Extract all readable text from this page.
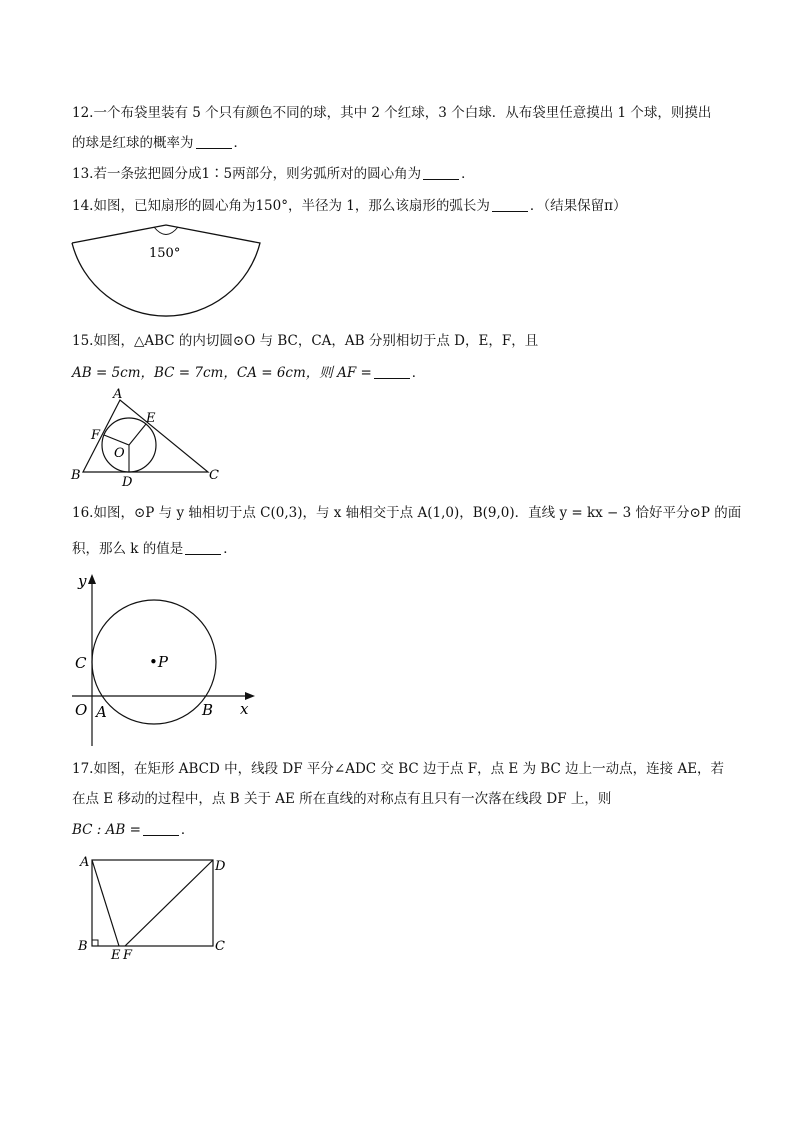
12.一个布袋里装有 5 个只有颜色不同的球，其中 2 个红球，3 个白球．从布袋里任意摸出 1 个球，则摸出
的球是红球的概率为	．
13.若一条弦把圆分成1∶5两部分，则劣弧所对的圆心角为	．
14.如图，已知扇形的圆心角为150°，半径为 1，那么该扇形的弧长为	．（结果保留π）
150°
15.如图，△ABC 的内切圆⊙O 与 BC，CA，AB 分别相切于点 D，E，F，且
AB = 5cm，BC = 7cm，CA = 6cm，则 AF =	．
A
E
F
O
B	C
D
16.如图，⊙P 与 y 轴相切于点 C(0,3)，与 x 轴相交于点 A(1,0)，B(9,0)．直线 y = kx − 3 恰好平分⊙P 的面
积，那么 k 的值是	．
y
x
C	•P
O A	B
17.如图，在矩形 ABCD 中，线段 DF 平分∠ADC 交 BC 边于点 F，点 E 为 BC 边上一动点，连接 AE，若
在点 E 移动的过程中，点 B 关于 AE 所在直线的对称点有且只有一次落在线段 DF 上，则
BC : AB =	．
A	D
B	C
E F
